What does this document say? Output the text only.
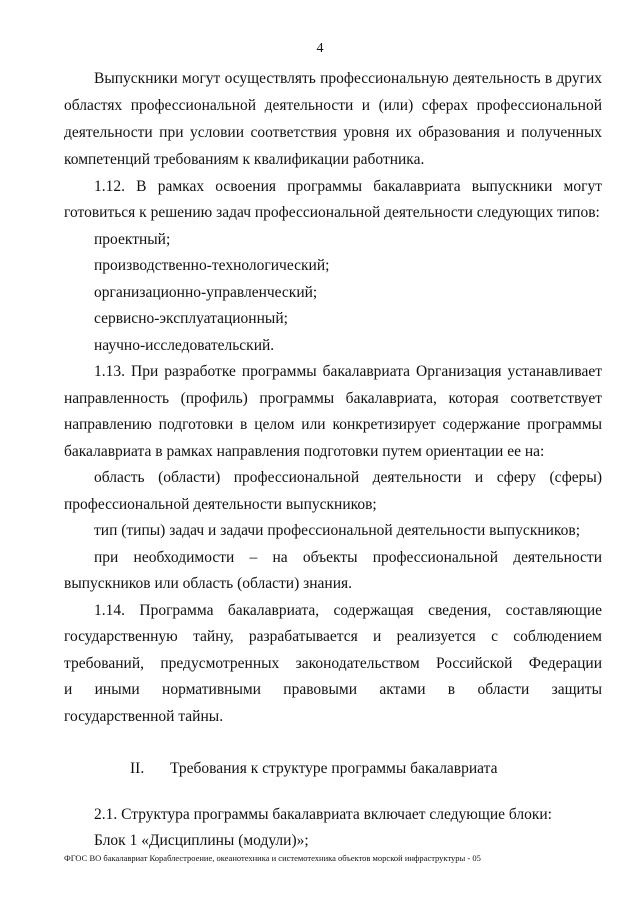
4
Выпускники могут осуществлять профессиональную деятельность в других
областях профессиональной деятельности и (или) сферах профессиональной
деятельности при условии соответствия уровня их образования и полученных
компетенций требованиям к квалификации работника.
1.12. В рамках освоения программы бакалавриата выпускники могут
готовиться к решению задач профессиональной деятельности следующих типов:
проектный;
производственно-технологический;
организационно-управленческий;
сервисно-эксплуатационный;
научно-исследовательский.
1.13. При разработке программы бакалавриата Организация устанавливает
направленность (профиль) программы бакалавриата, которая соответствует
направлению подготовки в целом или конкретизирует содержание программы
бакалавриата в рамках направления подготовки путем ориентации ее на:
область (области) профессиональной деятельности и сферу (сферы)
профессиональной деятельности выпускников;
тип (типы) задач и задачи профессиональной деятельности выпускников;
при необходимости – на объекты профессиональной деятельности
выпускников или область (области) знания.
1.14. Программа бакалавриата, содержащая сведения, составляющие
государственную тайну, разрабатывается и реализуется с соблюдением
требований, предусмотренных законодательством Российской Федерации
и иными нормативными правовыми актами в области защиты
государственной тайны.
II. Требования к структуре программы бакалавриата
2.1. Структура программы бакалавриата включает следующие блоки:
Блок 1 «Дисциплины (модули)»;
ФГОС ВО бакалавриат Кораблестроение, океанотехника и системотехника объектов морской инфраструктуры - 05
